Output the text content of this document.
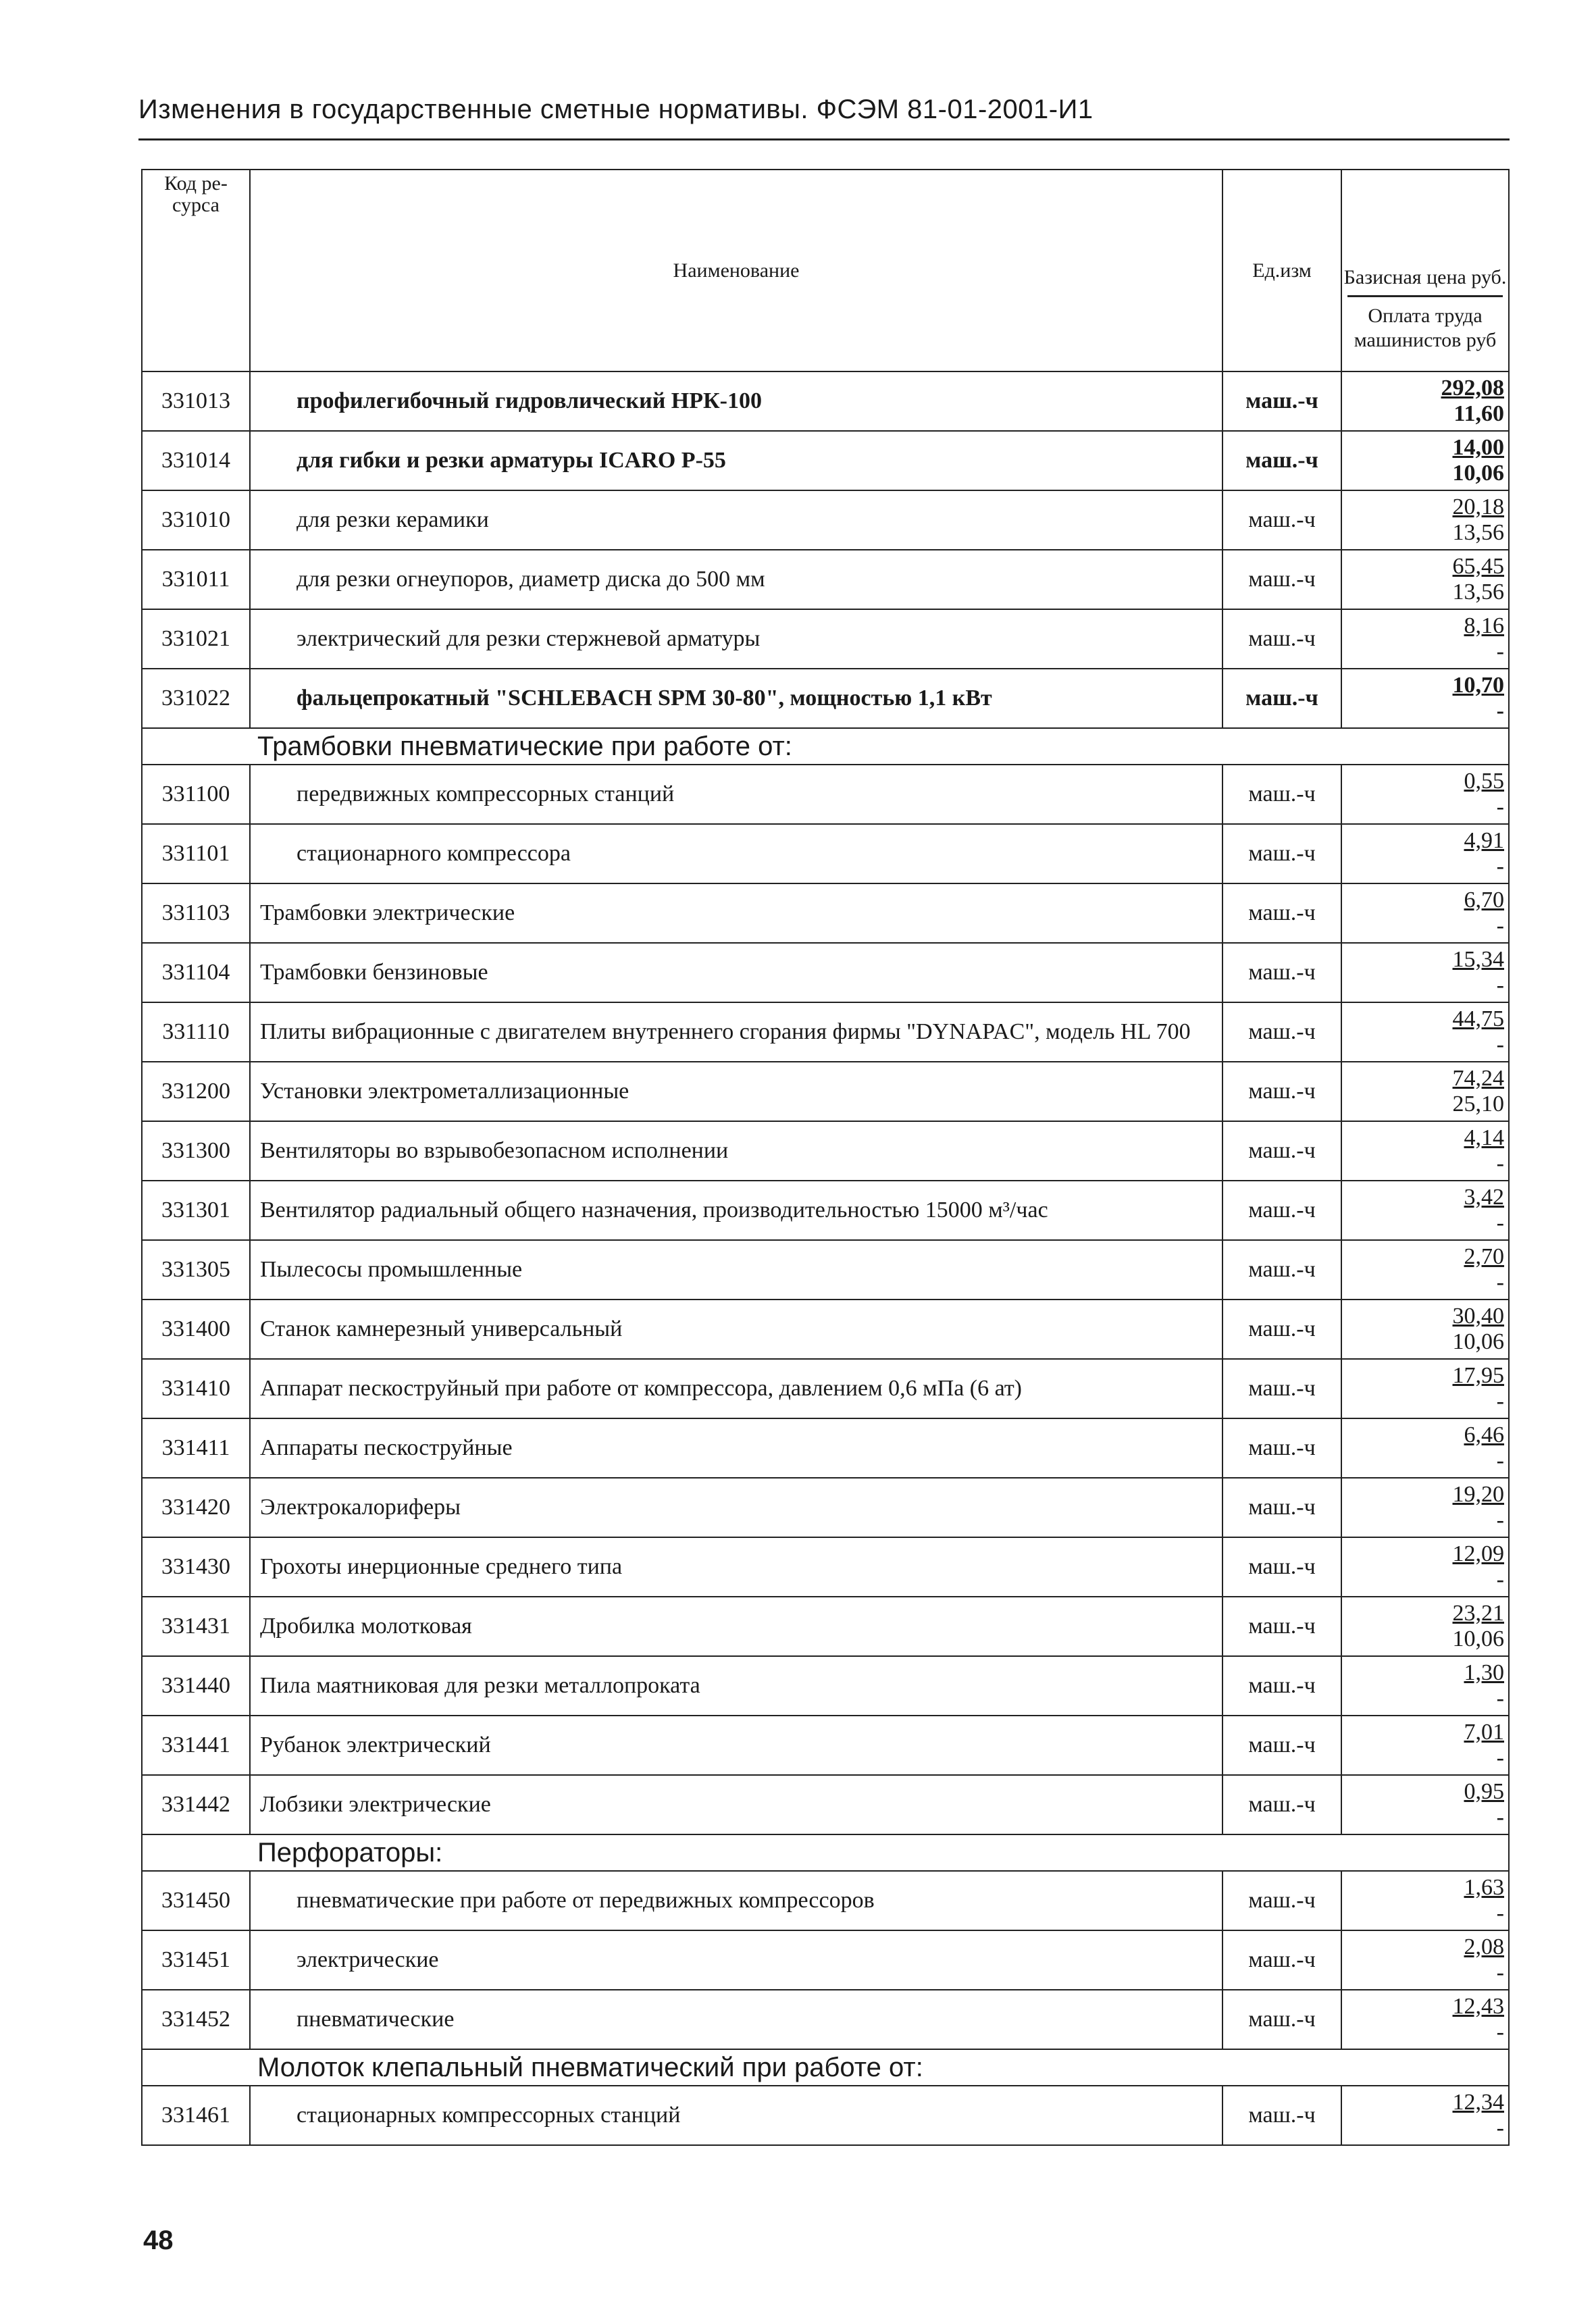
Изменения в государственные сметные нормативы. ФСЭМ 81-01-2001-И1
Код ре- сурса	Наименование	Ед.изм	Базисная цена руб.
Оплата труда машинистов руб

331013	профилегибочный гидровлический НРК-100	маш.-ч	292,08
11,60

331014	для гибки и резки арматуры ICARO P-55	маш.-ч	14,00
10,06

331010	для резки керамики	маш.-ч	20,18
13,56

331011	для резки огнеупоров, диаметр диска до 500 мм	маш.-ч	65,45
13,56

331021	электрический для резки стержневой арматуры	маш.-ч	8,16
-

331022	фальцепрокатный "SCHLEBACH SPM 30-80", мощностью 1,1 кВт	маш.-ч	10,70
-

Трамбовки пневматические при работе от:			
331100	передвижных компрессорных станций	маш.-ч	0,55
-

331101	стационарного компрессора	маш.-ч	4,91
-

331103	Трамбовки электрические	маш.-ч	6,70
-

331104	Трамбовки бензиновые	маш.-ч	15,34
-

331110	Плиты вибрационные с двигателем внутреннего сгорания фирмы "DYNAPAC", модель HL 700	маш.-ч	44,75
-

331200	Установки электрометаллизационные	маш.-ч	74,24
25,10

331300	Вентиляторы во взрывобезопасном исполнении	маш.-ч	4,14
-

331301	Вентилятор радиальный общего назначения, производительностью 15000 м³/час	маш.-ч	3,42
-

331305	Пылесосы промышленные	маш.-ч	2,70
-

331400	Станок камнерезный универсальный	маш.-ч	30,40
10,06

331410	Аппарат пескоструйный при работе от компрессора, давлением 0,6 мПа (6 ат)	маш.-ч	17,95
-

331411	Аппараты пескоструйные	маш.-ч	6,46
-

331420	Электрокалориферы	маш.-ч	19,20
-

331430	Грохоты инерционные среднего типа	маш.-ч	12,09
-

331431	Дробилка молотковая	маш.-ч	23,21
10,06

331440	Пила маятниковая для резки металлопроката	маш.-ч	1,30
-

331441	Рубанок электрический	маш.-ч	7,01
-

331442	Лобзики электрические	маш.-ч	0,95
-

Перфораторы:			
331450	пневматические при работе от передвижных компрессоров	маш.-ч	1,63
-

331451	электрические	маш.-ч	2,08
-

331452	пневматические	маш.-ч	12,43
-

Молоток клепальный пневматический при работе от:			
331461	стационарных компрессорных станций	маш.-ч	12,34
-
48
